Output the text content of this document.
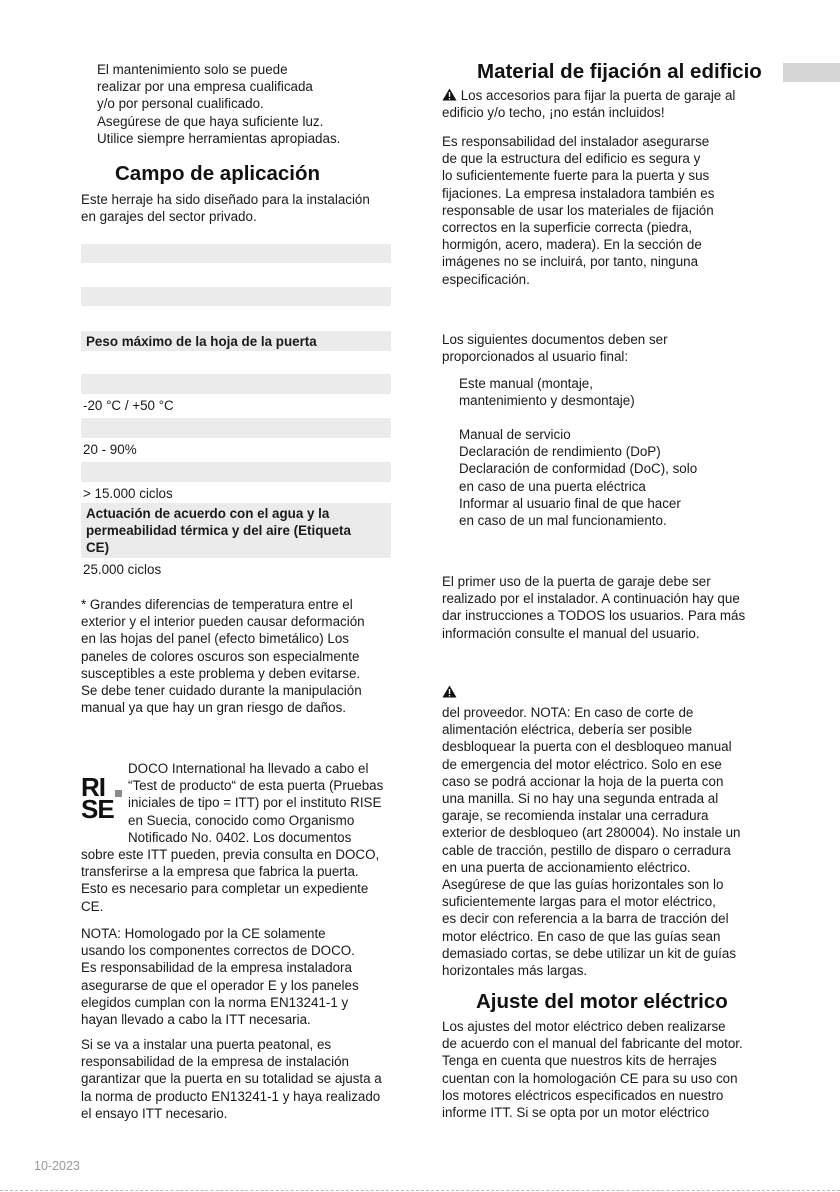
El mantenimiento solo se puede
realizar por una empresa cualificada
y/o por personal cualificado.
Asegúrese de que haya suficiente luz.
Utilice siempre herramientas apropiadas.
Campo de aplicación
Este herraje ha sido diseñado para la instalación
en garajes del sector privado.
Peso máximo de la hoja de la puerta
-20 °C / +50 °C
20 - 90%
> 15.000 ciclos
Actuación de acuerdo con el agua y la
permeabilidad térmica y del aire (Etiqueta
CE)
25.000 ciclos
* Grandes diferencias de temperatura entre el
exterior y el interior pueden causar deformación
en las hojas del panel (efecto bimetálico) Los
paneles de colores oscuros son especialmente
susceptibles a este problema y deben evitarse.
Se debe tener cuidado durante la manipulación
manual ya que hay un gran riesgo de daños.
RI
SE
DOCO International ha llevado a cabo el
“Test de producto“ de esta puerta (Pruebas
iniciales de tipo = ITT) por el instituto RISE
en Suecia, conocido como Organismo
Notificado No. 0402. Los documentos
sobre este ITT pueden, previa consulta en DOCO,
transferirse a la empresa que fabrica la puerta.
Esto es necesario para completar un expediente
CE.
NOTA: Homologado por la CE solamente
usando los componentes correctos de DOCO.
Es responsabilidad de la empresa instaladora
asegurarse de que el operador E y los paneles
elegidos cumplan con la norma EN13241-1 y
hayan llevado a cabo la ITT necesaria.
Si se va a instalar una puerta peatonal, es
responsabilidad de la empresa de instalación
garantizar que la puerta en su totalidad se ajusta a
la norma de producto EN13241-1 y haya realizado
el ensayo ITT necesario.
Material de fijación al edificio
Los accesorios para fijar la puerta de garaje al
edificio y/o techo, ¡no están incluidos!
Es responsabilidad del instalador asegurarse
de que la estructura del edificio es segura y
lo suficientemente fuerte para la puerta y sus
fijaciones. La empresa instaladora también es
responsable de usar los materiales de fijación
correctos en la superficie correcta (piedra,
hormigón, acero, madera). En la sección de
imágenes no se incluirá, por tanto, ninguna
especificación.
Los siguientes documentos deben ser
proporcionados al usuario final:
Este manual (montaje,
mantenimiento y desmontaje)
Manual de servicio
Declaración de rendimiento (DoP)
Declaración de conformidad (DoC), solo
en caso de una puerta eléctrica
Informar al usuario final de que hacer
en caso de un mal funcionamiento.
El primer uso de la puerta de garaje debe ser
realizado por el instalador. A continuación hay que
dar instrucciones a TODOS los usuarios. Para más
información consulte el manual del usuario.
del proveedor. NOTA: En caso de corte de
alimentación eléctrica, debería ser posible
desbloquear la puerta con el desbloqueo manual
de emergencia del motor eléctrico. Solo en ese
caso se podrá accionar la hoja de la puerta con
una manilla. Si no hay una segunda entrada al
garaje, se recomienda instalar una cerradura
exterior de desbloqueo (art 280004). No instale un
cable de tracción, pestillo de disparo o cerradura
en una puerta de accionamiento eléctrico.
Asegúrese de que las guías horizontales son lo
suficientemente largas para el motor eléctrico,
es decir con referencia a la barra de tracción del
motor eléctrico. En caso de que las guías sean
demasiado cortas, se debe utilizar un kit de guías
horizontales más largas.
Ajuste del motor eléctrico
Los ajustes del motor eléctrico deben realizarse
de acuerdo con el manual del fabricante del motor.
Tenga en cuenta que nuestros kits de herrajes
cuentan con la homologación CE para su uso con
los motores eléctricos especificados en nuestro
informe ITT. Si se opta por un motor eléctrico
10-2023
